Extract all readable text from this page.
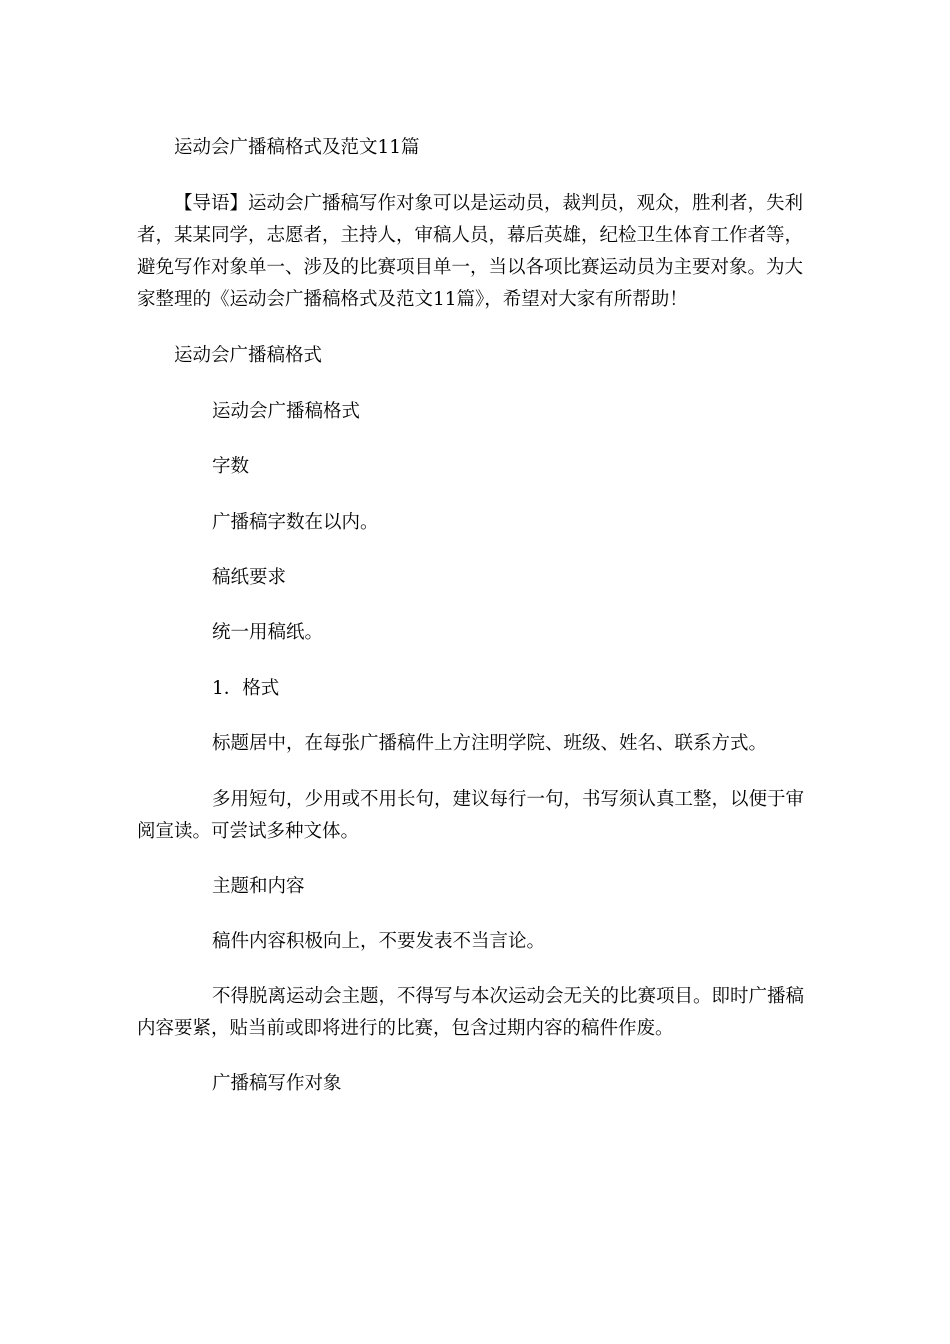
运动会广播稿格式及范文11篇

【导语】运动会广播稿写作对象可以是运动员，裁判员，观众，胜利者，失利者，某某同学，志愿者，主持人，审稿人员，幕后英雄，纪检卫生体育工作者等，避免写作对象单一、涉及的比赛项目单一，当以各项比赛运动员为主要对象。为大家整理的《运动会广播稿格式及范文11篇》，希望对大家有所帮助！

运动会广播稿格式

运动会广播稿格式

字数

广播稿字数在以内。

稿纸要求

统一用稿纸。

1．格式

标题居中，在每张广播稿件上方注明学院、班级、姓名、联系方式。

多用短句，少用或不用长句，建议每行一句，书写须认真工整，以便于审阅宣读。可尝试多种文体。

主题和内容

稿件内容积极向上，不要发表不当言论。

不得脱离运动会主题，不得写与本次运动会无关的比赛项目。即时广播稿内容要紧，贴当前或即将进行的比赛，包含过期内容的稿件作废。

广播稿写作对象
